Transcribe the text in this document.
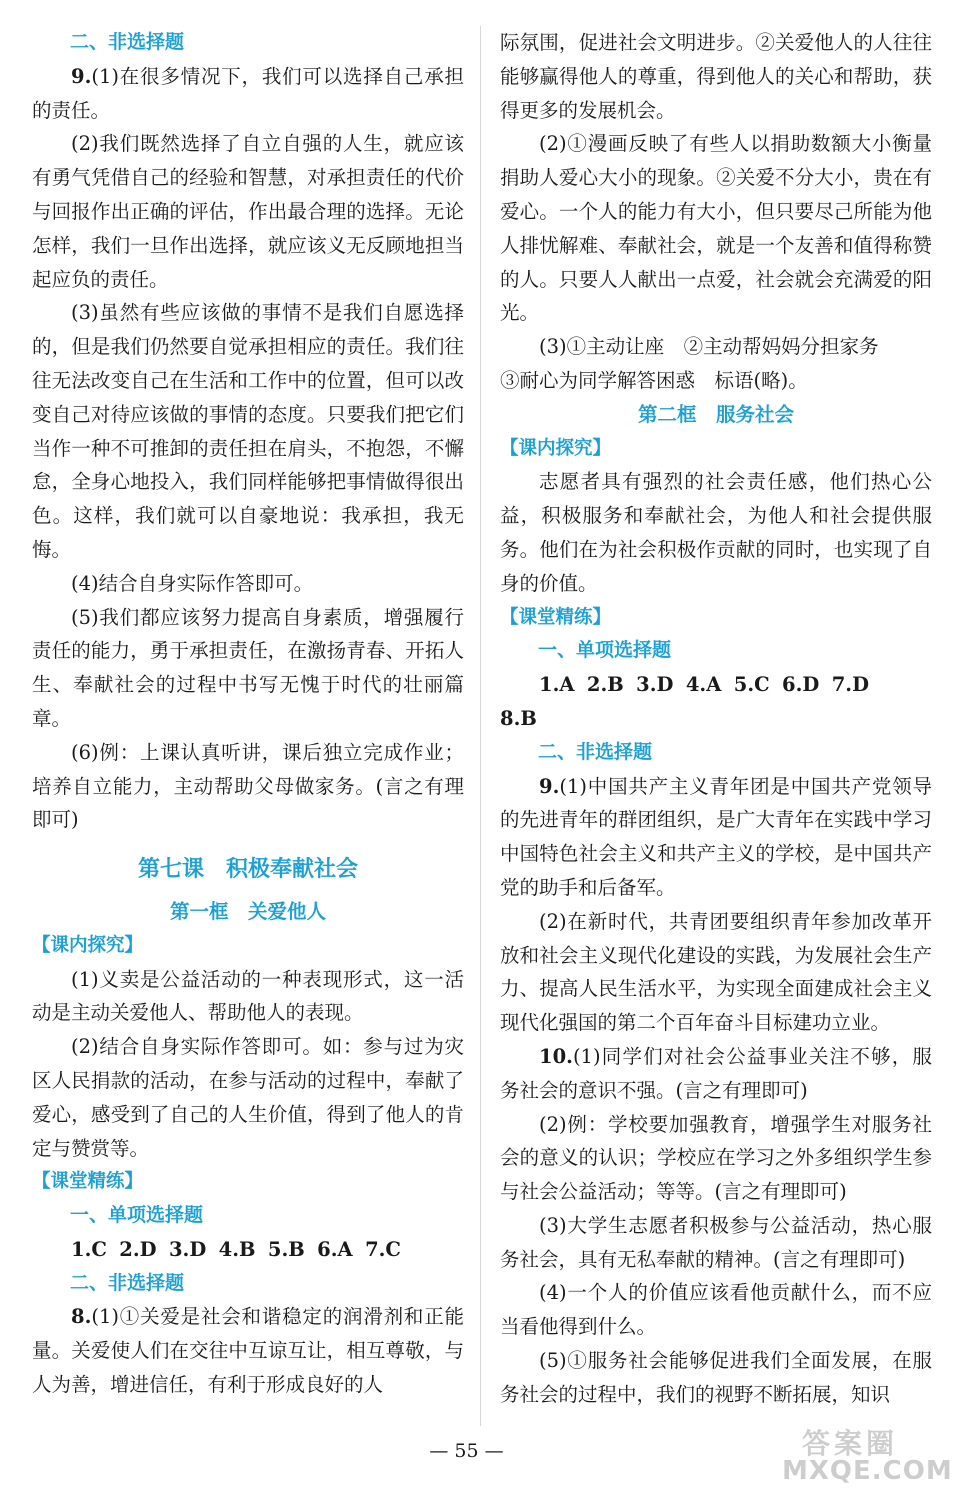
二、非选择题

9.(1)在很多情况下，我们可以选择自己承担的责任。

(2)我们既然选择了自立自强的人生，就应该有勇气凭借自己的经验和智慧，对承担责任的代价与回报作出正确的评估，作出最合理的选择。无论怎样，我们一旦作出选择，就应该义无反顾地担当起应负的责任。

(3)虽然有些应该做的事情不是我们自愿选择的，但是我们仍然要自觉承担相应的责任。我们往往无法改变自己在生活和工作中的位置，但可以改变自己对待应该做的事情的态度。只要我们把它们当作一种不可推卸的责任担在肩头，不抱怨，不懈怠，全身心地投入，我们同样能够把事情做得很出色。这样，我们就可以自豪地说：我承担，我无悔。

(4)结合自身实际作答即可。

(5)我们都应该努力提高自身素质，增强履行责任的能力，勇于承担责任，在激扬青春、开拓人生、奉献社会的过程中书写无愧于时代的壮丽篇章。

(6)例：上课认真听讲，课后独立完成作业；培养自立能力，主动帮助父母做家务。(言之有理即可)

第七课　积极奉献社会
第一框　关爱他人

【课内探究】

(1)义卖是公益活动的一种表现形式，这一活动是主动关爱他人、帮助他人的表现。

(2)结合自身实际作答即可。如：参与过为灾区人民捐款的活动，在参与活动的过程中，奉献了爱心，感受到了自己的人生价值，得到了他人的肯定与赞赏等。

【课堂精练】

一、单项选择题

1.C 2.D 3.D 4.B 5.B 6.A 7.C

二、非选择题

8.(1)①关爱是社会和谐稳定的润滑剂和正能量。关爱使人们在交往中互谅互让，相互尊敬，与人为善，增进信任，有利于形成良好的人

际氛围，促进社会文明进步。②关爱他人的人往往能够赢得他人的尊重，得到他人的关心和帮助，获得更多的发展机会。

(2)①漫画反映了有些人以捐助数额大小衡量捐助人爱心大小的现象。②关爱不分大小，贵在有爱心。一个人的能力有大小，但只要尽己所能为他人排忧解难、奉献社会，就是一个友善和值得称赞的人。只要人人献出一点爱，社会就会充满爱的阳光。

(3)①主动让座　②主动帮妈妈分担家务

③耐心为同学解答困惑　标语(略)。

第二框　服务社会

【课内探究】

志愿者具有强烈的社会责任感，他们热心公益，积极服务和奉献社会，为他人和社会提供服务。他们在为社会积极作贡献的同时，也实现了自身的价值。

【课堂精练】

一、单项选择题

1.A 2.B 3.D 4.A 5.C 6.D 7.D

8.B

二、非选择题

9.(1)中国共产主义青年团是中国共产党领导的先进青年的群团组织，是广大青年在实践中学习中国特色社会主义和共产主义的学校，是中国共产党的助手和后备军。

(2)在新时代，共青团要组织青年参加改革开放和社会主义现代化建设的实践，为发展社会生产力、提高人民生活水平，为实现全面建成社会主义现代化强国的第二个百年奋斗目标建功立业。

10.(1)同学们对社会公益事业关注不够，服务社会的意识不强。(言之有理即可)

(2)例：学校要加强教育，增强学生对服务社会的意义的认识；学校应在学习之外多组织学生参与社会公益活动；等等。(言之有理即可)

(3)大学生志愿者积极参与公益活动，热心服务社会，具有无私奉献的精神。(言之有理即可)

(4)一个人的价值应该看他贡献什么，而不应当看他得到什么。

(5)①服务社会能够促进我们全面发展，在服务社会的过程中，我们的视野不断拓展，知识

— 55 —	答案圈
MXQE.COM
